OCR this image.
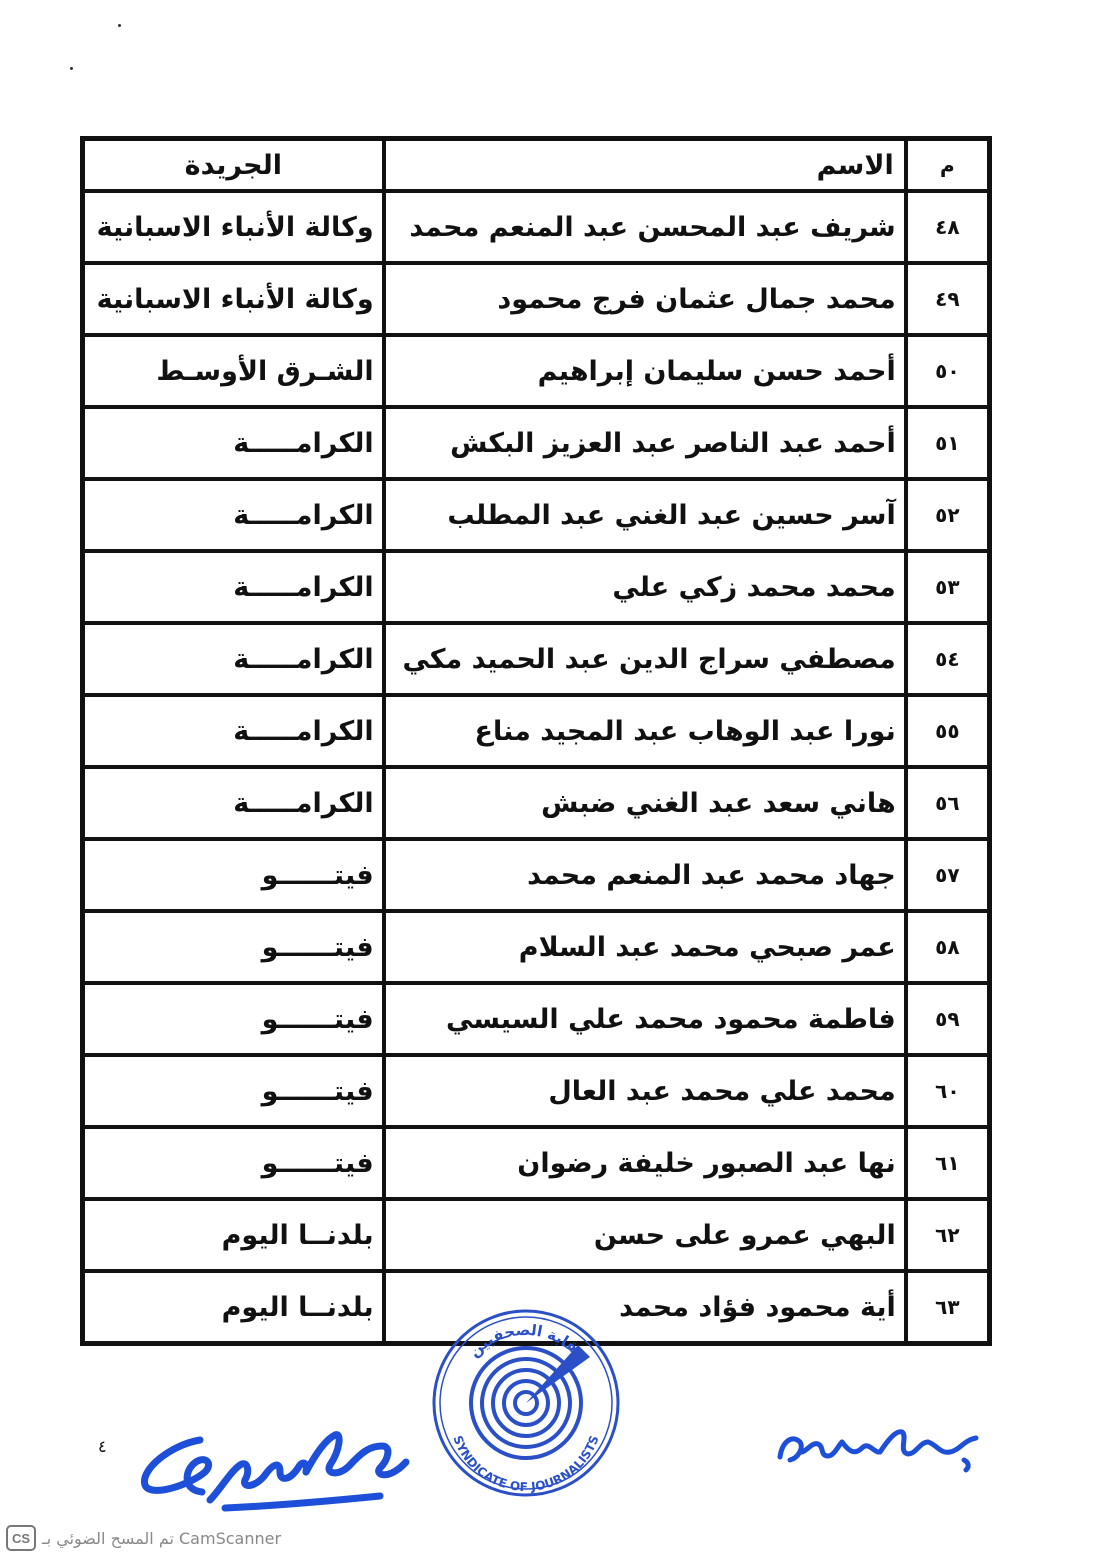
م	الاسم	الجريدة
٤٨	شريف عبد المحسن عبد المنعم محمد	وكالة الأنباء الاسبانية
٤٩	محمد جمال عثمان فرج محمود	وكالة الأنباء الاسبانية
٥٠	أحمد حسن سليمان إبراهيم	الشـرق الأوسـط
٥١	أحمد عبد الناصر عبد العزيز البكش	الكرامـــــة
٥٢	آسر حسين عبد الغني عبد المطلب	الكرامـــــة
٥٣	محمد محمد زكي علي	الكرامـــــة
٥٤	مصطفي سراج الدين عبد الحميد مكي	الكرامـــــة
٥٥	نورا عبد الوهاب عبد المجيد مناع	الكرامـــــة
٥٦	هاني سعد عبد الغني ضبش	الكرامـــــة
٥٧	جهاد محمد عبد المنعم محمد	فيتــــــو
٥٨	عمر صبحي محمد عبد السلام	فيتــــــو
٥٩	فاطمة محمود محمد علي السيسي	فيتــــــو
٦٠	محمد علي محمد عبد العال	فيتــــــو
٦١	نها عبد الصبور خليفة رضوان	فيتــــــو
٦٢	البهي عمرو على حسن	بلدنــا اليوم
٦٣	أية محمود فؤاد محمد	بلدنــا اليوم
٤
نقابة الصحفيين
SYNDICATE OF JOURNALISTS
CS تم المسح الضوئي بـ CamScanner
